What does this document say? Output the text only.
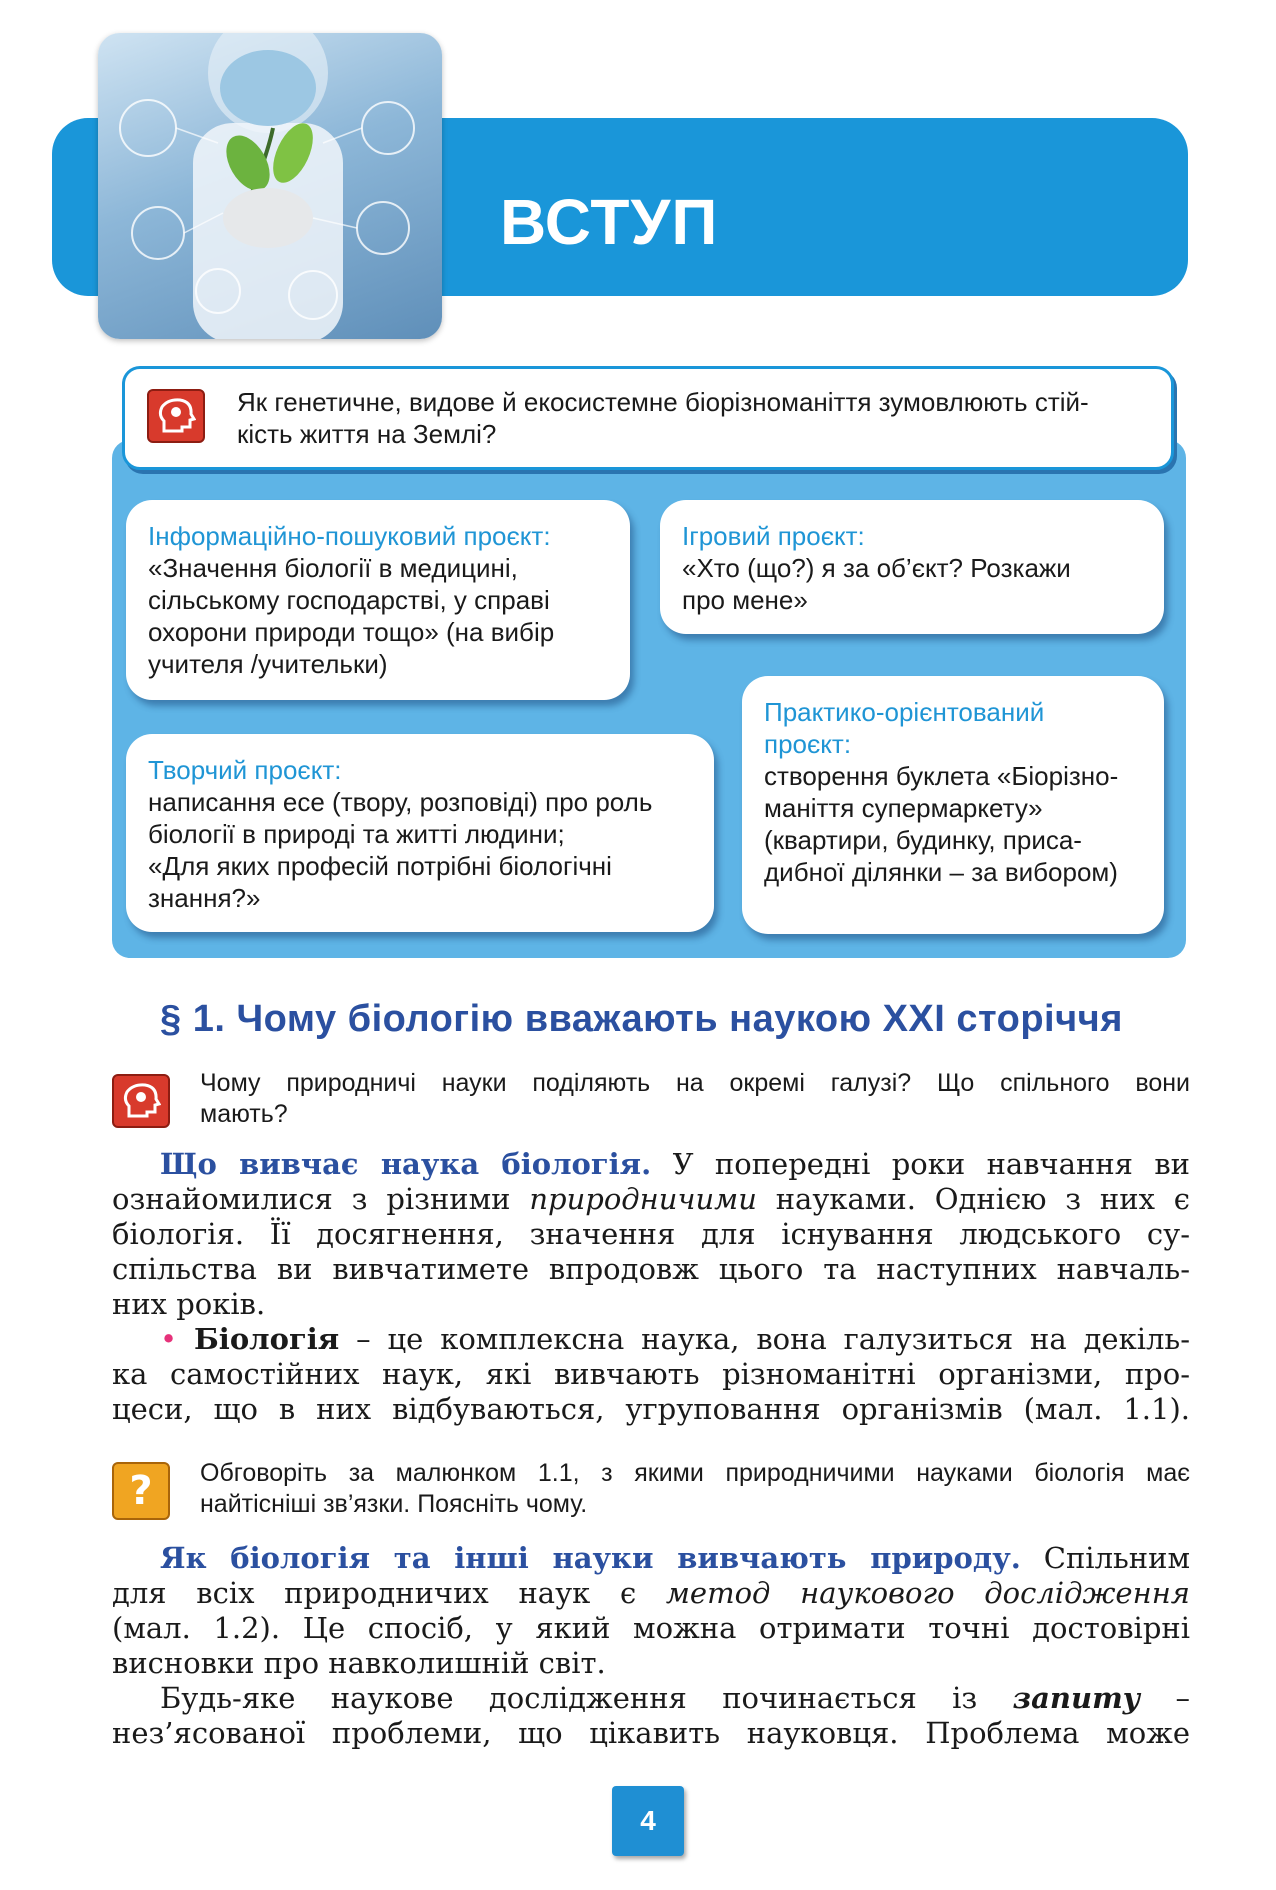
ВСТУП
Як генетичне, видове й екосистемне біорізноманіття зумовлюють стій-
кість життя на Землі?
Інформаційно-пошуковий проєкт:
«Значення біології в медицині,
сільському господарстві, у справі
охорони природи тощо» (на вибір
учителя /учительки)
Ігровий проєкт:
«Хто (що?) я за об’єкт? Розкажи
про мене»
Творчий проєкт:
написання есе (твору, розповіді) про роль
біології в природі та житті людини;
«Для яких професій потрібні біологічні
знання?»
Практико-орієнтований
проєкт:
створення буклета «Біорізно-
маніття супермаркету»
(квартири, будинку, приса-
дибної ділянки – за вибором)
§ 1. Чому біологію вважають наукою XXI сторіччя
Чому природничі науки поділяють на окремі галузі? Що спільного вони
мають?
Що вивчає наука біологія. У попередні роки навчання ви
ознайомилися з різними природничими науками. Однією з них є
біологія. Її досягнення, значення для існування людського су-
спільства ви вивчатимете впродовж цього та наступних навчаль-
них років.
• Біологія – це комплексна наука, вона галузиться на декіль-
ка самостійних наук, які вивчають різноманітні організми, про-
цеси, що в них відбуваються, угруповання організмів (мал. 1.1).
?	Обговоріть за малюнком 1.1, з якими природничими науками біологія має
найтісніші зв’язки. Поясніть чому.
Як біологія та інші науки вивчають природу. Спільним
для всіх природничих наук є метод наукового дослідження
(мал. 1.2). Це спосіб, у який можна отримати точні достовірні
висновки про навколишній світ.
Будь-яке наукове дослідження починається із запиту –
нез’ясованої проблеми, що цікавить науковця. Проблема може
4
